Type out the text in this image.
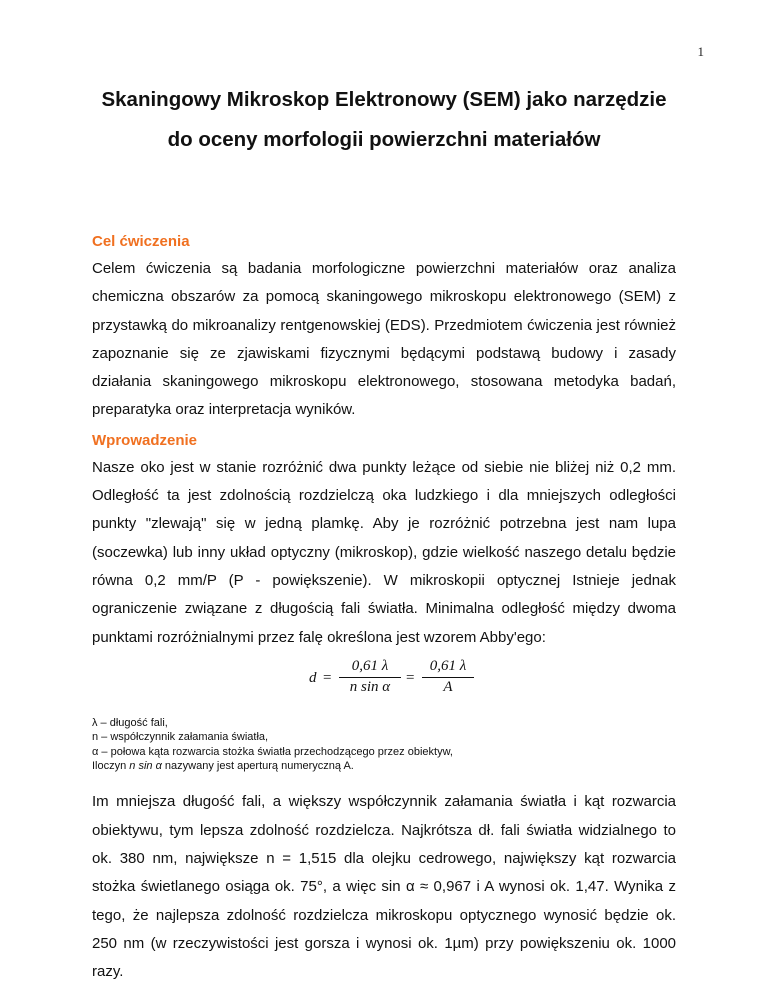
1
Skaningowy Mikroskop Elektronowy (SEM) jako narzędzie
do oceny morfologii powierzchni materiałów
Cel ćwiczenia

Celem ćwiczenia są badania morfologiczne powierzchni materiałów oraz analiza chemiczna obszarów za pomocą skaningowego mikroskopu elektronowego (SEM) z przystawką do mikroanalizy rentgenowskiej (EDS). Przedmiotem ćwiczenia jest również zapoznanie się ze zjawiskami fizycznymi będącymi podstawą budowy i zasady działania skaningowego mikroskopu elektronowego, stosowana metodyka badań, preparatyka oraz interpretacja wyników.

Wprowadzenie

Nasze oko jest w stanie rozróżnić dwa punkty leżące od siebie nie bliżej niż 0,2 mm. Odległość ta jest zdolnością rozdzielczą oka ludzkiego i dla mniejszych odległości punkty "zlewają" się w jedną plamkę. Aby je rozróżnić potrzebna jest nam lupa (soczewka) lub inny układ optyczny (mikroskop), gdzie wielkość naszego detalu będzie równa 0,2 mm/P (P - powiększenie). W mikroskopii optycznej Istnieje jednak ograniczenie związane z długością fali światła. Minimalna odległość między dwoma punktami rozróżnialnymi przez falę określona jest wzorem Abby'ego:

$d = \frac{0,61 \lambda}{\text{n sin α}} = \frac{0,61 \lambda}{A}$
λ – długość fali,
n – współczynnik załamania światła,
α – połowa kąta rozwarcia stożka światła przechodzącego przez obiektyw,
Iloczyn n sin α nazywany jest aperturą numeryczną A.

Im mniejsza długość fali, a większy współczynnik załamania światła i kąt rozwarcia obiektywu, tym lepsza zdolność rozdzielcza. Najkrótsza dł. fali światła widzialnego to ok. 380 nm, największe n = 1,515 dla olejku cedrowego, największy kąt rozwarcia stożka świetlanego osiąga ok. 75°, a więc sin α ≈ 0,967 i A wynosi ok. 1,47. Wynika z tego, że najlepsza zdolność rozdzielcza mikroskopu optycznego wynosić będzie ok. 250 nm (w rzeczywistości jest gorsza i wynosi ok. 1µm) przy powiększeniu ok. 1000 razy.
